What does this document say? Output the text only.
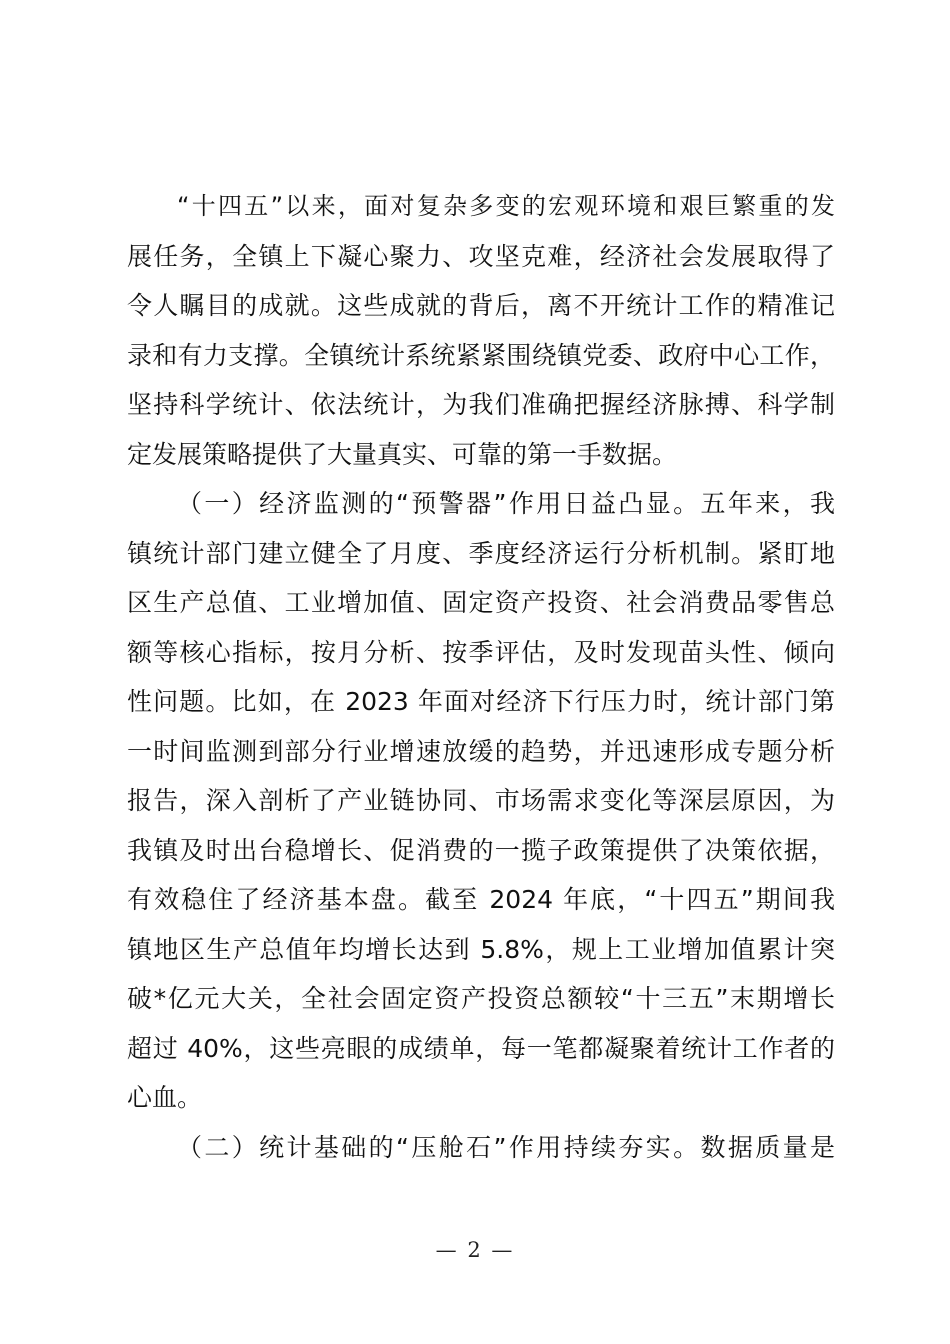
“十四五”以来，面对复杂多变的宏观环境和艰巨繁重的发
展任务，全镇上下凝心聚力、攻坚克难，经济社会发展取得了
令人瞩目的成就。这些成就的背后，离不开统计工作的精准记
录和有力支撑。全镇统计系统紧紧围绕镇党委、政府中心工作，
坚持科学统计、依法统计，为我们准确把握经济脉搏、科学制
定发展策略提供了大量真实、可靠的第一手数据。
（一）经济监测的“预警器”作用日益凸显。五年来，我
镇统计部门建立健全了月度、季度经济运行分析机制。紧盯地
区生产总值、工业增加值、固定资产投资、社会消费品零售总
额等核心指标，按月分析、按季评估，及时发现苗头性、倾向
性问题。比如，在 2023 年面对经济下行压力时，统计部门第
一时间监测到部分行业增速放缓的趋势，并迅速形成专题分析
报告，深入剖析了产业链协同、市场需求变化等深层原因，为
我镇及时出台稳增长、促消费的一揽子政策提供了决策依据，
有效稳住了经济基本盘。截至 2024 年底，“十四五”期间我
镇地区生产总值年均增长达到 5.8%，规上工业增加值累计突
破*亿元大关，全社会固定资产投资总额较“十三五”末期增长
超过 40%，这些亮眼的成绩单，每一笔都凝聚着统计工作者的
心血。
（二）统计基础的“压舱石”作用持续夯实。数据质量是
— 2 —
